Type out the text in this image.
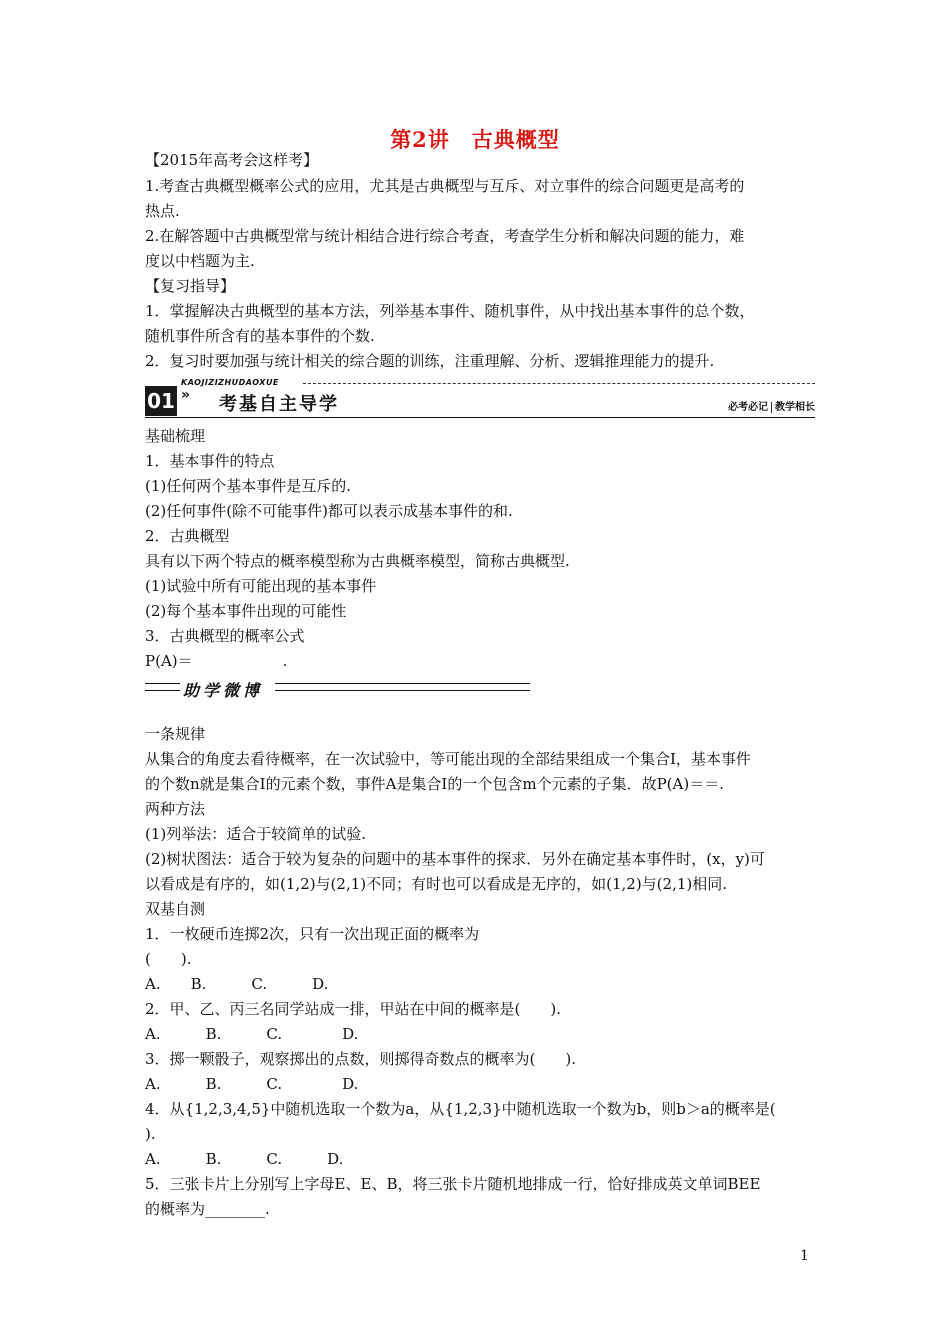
第2讲　古典概型
【2015年高考会这样考】
1.考查古典概型概率公式的应用，尤其是古典概型与互斥、对立事件的综合问题更是高考的
热点.
2.在解答题中古典概型常与统计相结合进行综合考查，考查学生分析和解决问题的能力，难
度以中档题为主.
【复习指导】
1．掌握解决古典概型的基本方法，列举基本事件、随机事件，从中找出基本事件的总个数，
随机事件所含有的基本事件的个数.
2．复习时要加强与统计相关的综合题的训练，注重理解、分析、逻辑推理能力的提升.
01
KAOJIZIZHUDAOXUE
» 考基自主导学	必考必记 教学相长
基础梳理
1．基本事件的特点
(1)任何两个基本事件是互斥的.
(2)任何事件(除不可能事件)都可以表示成基本事件的和.
2．古典概型
具有以下两个特点的概率模型称为古典概率模型，简称古典概型.
(1)试验中所有可能出现的基本事件
(2)每个基本事件出现的可能性
3．古典概型的概率公式
P(A)＝　　　　　　.
助学微博
一条规律
从集合的角度去看待概率，在一次试验中，等可能出现的全部结果组成一个集合I，基本事件
的个数n就是集合I的元素个数，事件A是集合I的一个包含m个元素的子集．故P(A)＝＝.
两种方法
(1)列举法：适合于较简单的试验.
(2)树状图法：适合于较为复杂的问题中的基本事件的探求．另外在确定基本事件时，(x，y)可
以看成是有序的，如(1,2)与(2,1)不同；有时也可以看成是无序的，如(1,2)与(2,1)相同.
双基自测
1．一枚硬币连掷2次，只有一次出现正面的概率为
(　　).
A.　　B.　　　C.　　　D.
2．甲、乙、丙三名同学站成一排，甲站在中间的概率是(　　).
A.　　　B.　　　C.　　　　D.
3．掷一颗骰子，观察掷出的点数，则掷得奇数点的概率为(　　).
A.　　　B.　　　C.　　　　D.
4．从{1,2,3,4,5}中随机选取一个数为a，从{1,2,3}中随机选取一个数为b，则b＞a的概率是(
).
A.　　　B.　　　C.　　　D.
5．三张卡片上分别写上字母E、E、B，将三张卡片随机地排成一行，恰好排成英文单词BEE
的概率为________.
1
